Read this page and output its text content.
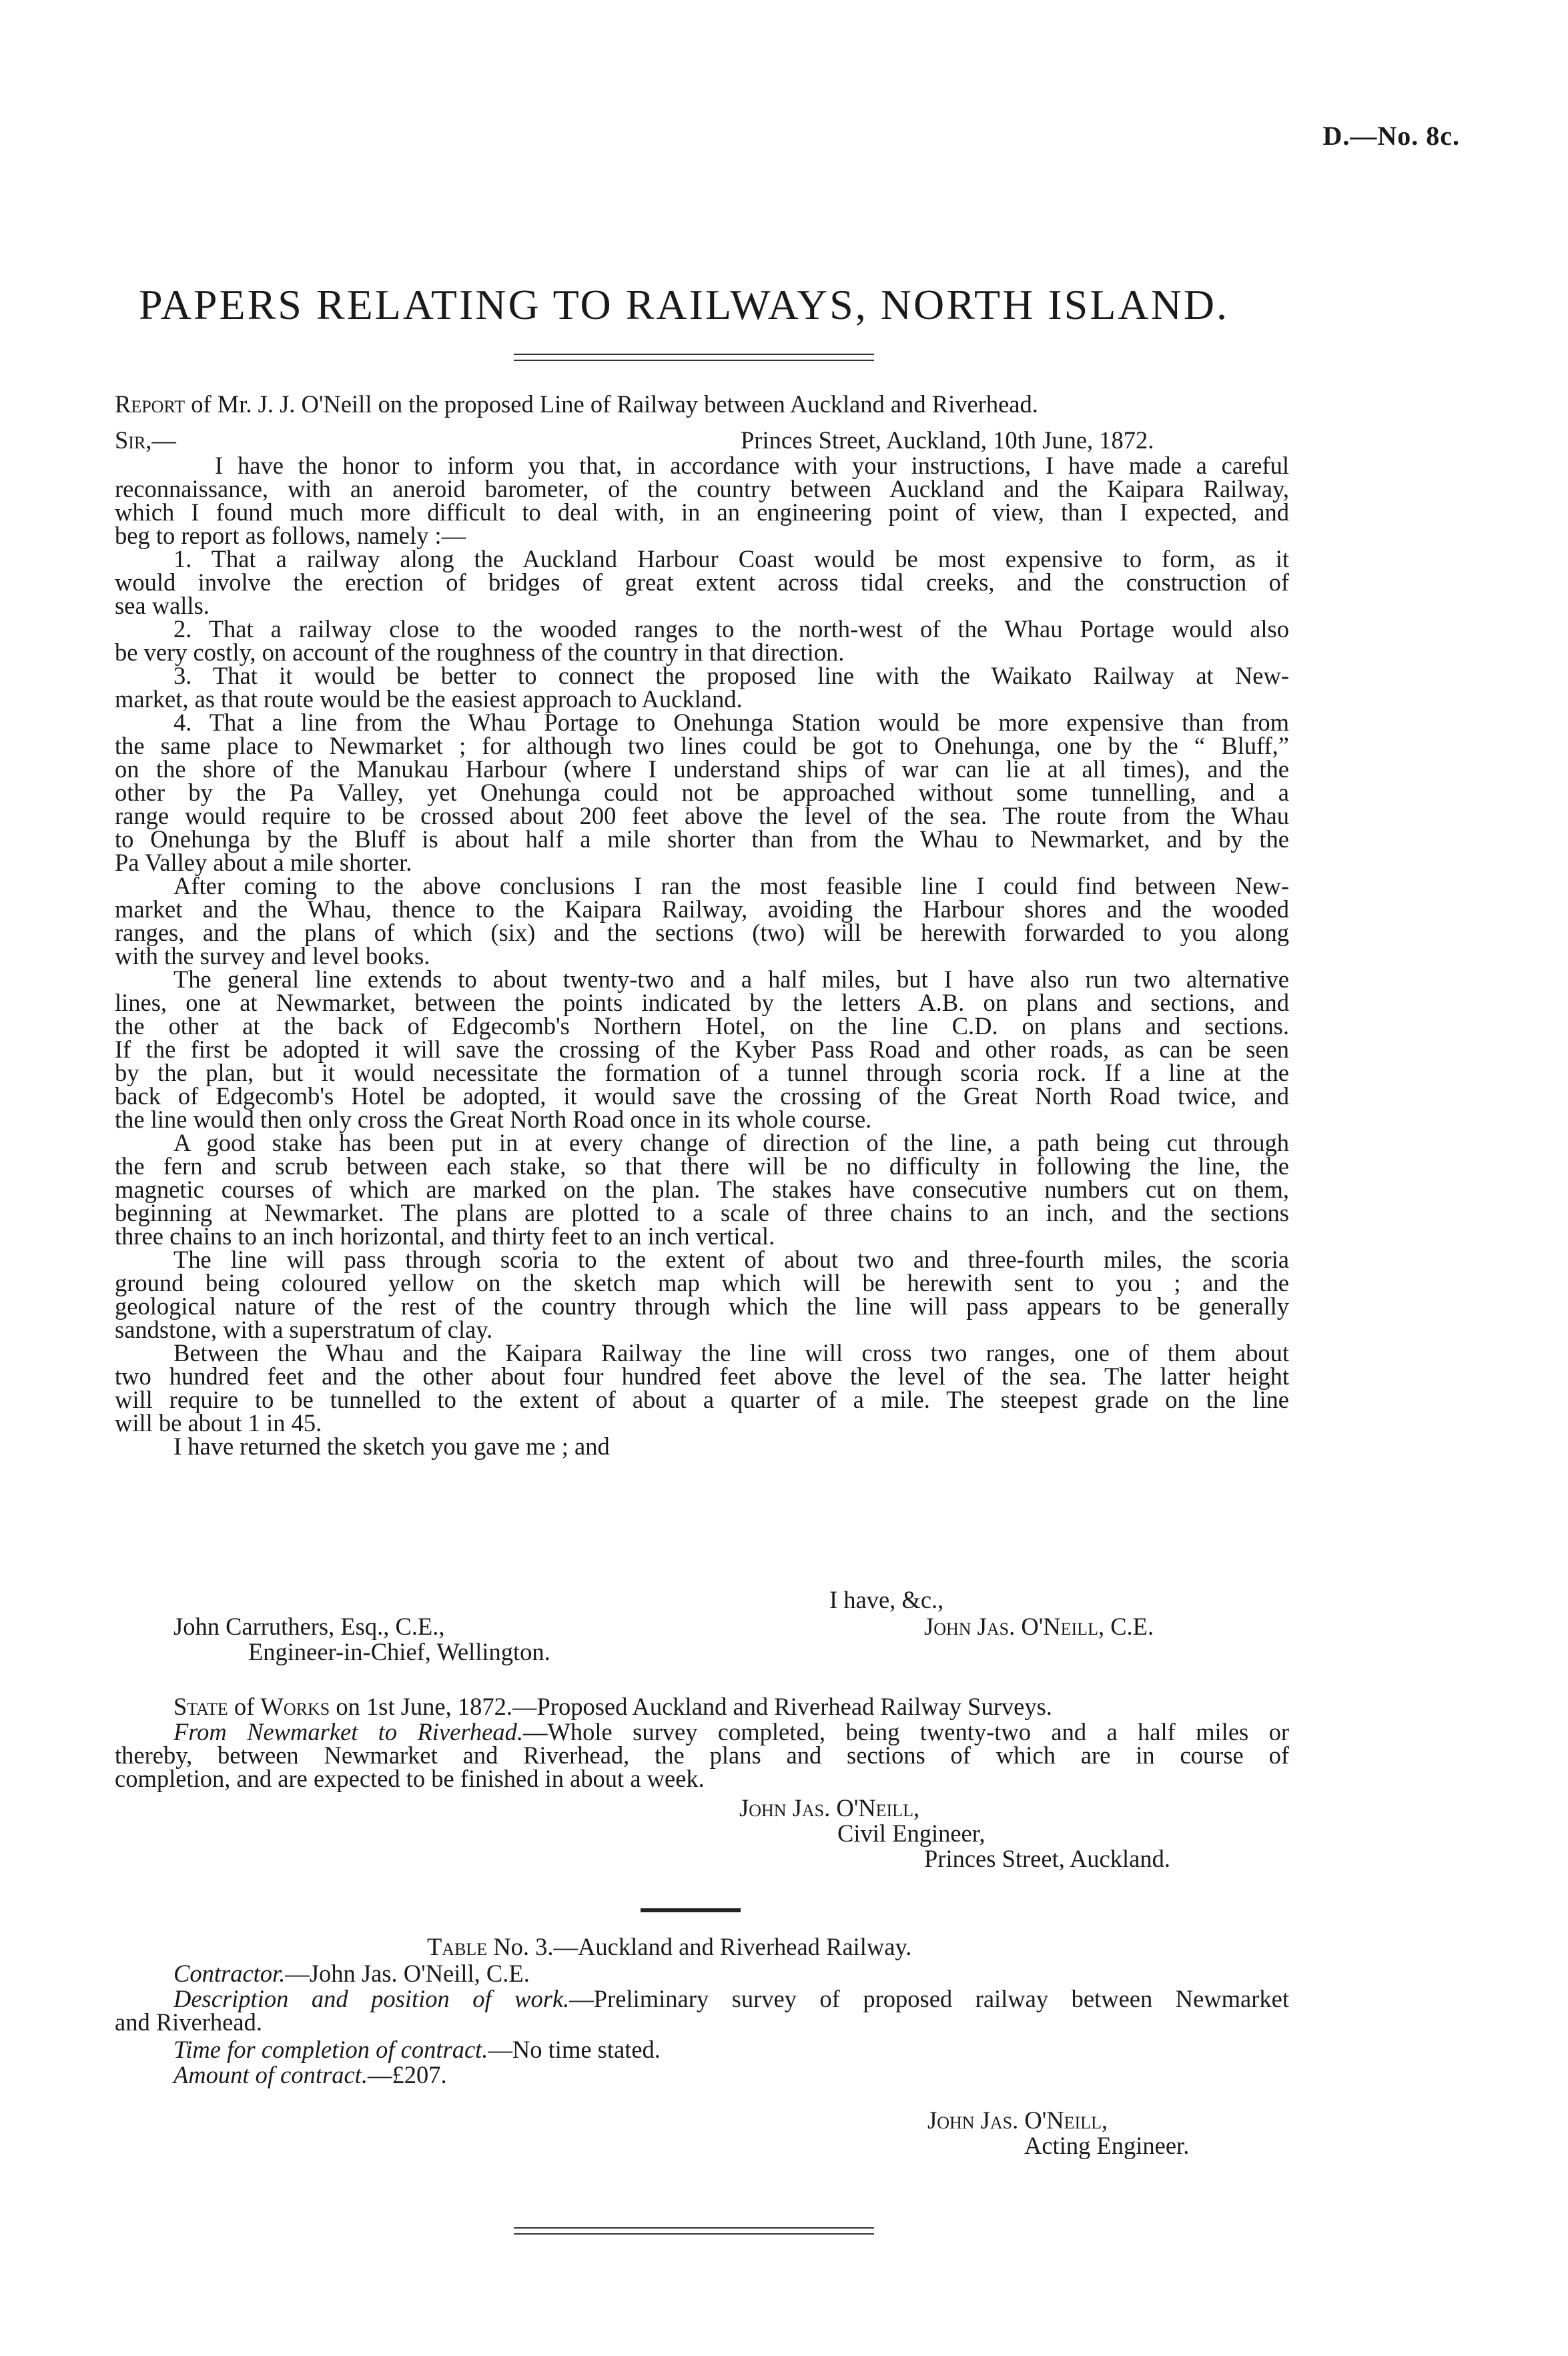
D.—No. 8c.
PAPERS RELATING TO RAILWAYS, NORTH ISLAND.
Report of Mr. J. J. O'Neill on the proposed Line of Railway between Auckland and Riverhead.
Sir,—	Princes Street, Auckland, 10th June, 1872.
I have the honor to inform you that, in accordance with your instructions, I have made a careful
reconnaissance, with an aneroid barometer, of the country between Auckland and the Kaipara Railway,
which I found much more difficult to deal with, in an engineering point of view, than I expected, and
beg to report as follows, namely :—
1. That a railway along the Auckland Harbour Coast would be most expensive to form, as it
would involve the erection of bridges of great extent across tidal creeks, and the construction of
sea walls.
2. That a railway close to the wooded ranges to the north-west of the Whau Portage would also
be very costly, on account of the roughness of the country in that direction.
3. That it would be better to connect the proposed line with the Waikato Railway at New-
market, as that route would be the easiest approach to Auckland.
4. That a line from the Whau Portage to Onehunga Station would be more expensive than from
the same place to Newmarket ; for although two lines could be got to Onehunga, one by the “ Bluff,”
on the shore of the Manukau Harbour (where I understand ships of war can lie at all times), and the
other by the Pa Valley, yet Onehunga could not be approached without some tunnelling, and a
range would require to be crossed about 200 feet above the level of the sea. The route from the Whau
to Onehunga by the Bluff is about half a mile shorter than from the Whau to Newmarket, and by the
Pa Valley about a mile shorter.
After coming to the above conclusions I ran the most feasible line I could find between New-
market and the Whau, thence to the Kaipara Railway, avoiding the Harbour shores and the wooded
ranges, and the plans of which (six) and the sections (two) will be herewith forwarded to you along
with the survey and level books.
The general line extends to about twenty-two and a half miles, but I have also run two alternative
lines, one at Newmarket, between the points indicated by the letters A.B. on plans and sections, and
the other at the back of Edgecomb's Northern Hotel, on the line C.D. on plans and sections.
If the first be adopted it will save the crossing of the Kyber Pass Road and other roads, as can be seen
by the plan, but it would necessitate the formation of a tunnel through scoria rock. If a line at the
back of Edgecomb's Hotel be adopted, it would save the crossing of the Great North Road twice, and
the line would then only cross the Great North Road once in its whole course.
A good stake has been put in at every change of direction of the line, a path being cut through
the fern and scrub between each stake, so that there will be no difficulty in following the line, the
magnetic courses of which are marked on the plan. The stakes have consecutive numbers cut on them,
beginning at Newmarket. The plans are plotted to a scale of three chains to an inch, and the sections
three chains to an inch horizontal, and thirty feet to an inch vertical.
The line will pass through scoria to the extent of about two and three-fourth miles, the scoria
ground being coloured yellow on the sketch map which will be herewith sent to you ; and the
geological nature of the rest of the country through which the line will pass appears to be generally
sandstone, with a superstratum of clay.
Between the Whau and the Kaipara Railway the line will cross two ranges, one of them about
two hundred feet and the other about four hundred feet above the level of the sea. The latter height
will require to be tunnelled to the extent of about a quarter of a mile. The steepest grade on the line
will be about 1 in 45.
I have returned the sketch you gave me ; and
I have, &c.,
John Carruthers, Esq., C.E.,	John Jas. O'Neill, C.E.
Engineer-in-Chief, Wellington.
State of Works on 1st June, 1872.—Proposed Auckland and Riverhead Railway Surveys.
From Newmarket to Riverhead.—Whole survey completed, being twenty-two and a half miles or
thereby, between Newmarket and Riverhead, the plans and sections of which are in course of
completion, and are expected to be finished in about a week.
John Jas. O'Neill,
Civil Engineer,
Princes Street, Auckland.
Table No. 3.—Auckland and Riverhead Railway.
Contractor.—John Jas. O'Neill, C.E.
Description and position of work.—Preliminary survey of proposed railway between Newmarket
and Riverhead.
Time for completion of contract.—No time stated.
Amount of contract.—£207.
John Jas. O'Neill,
Acting Engineer.
